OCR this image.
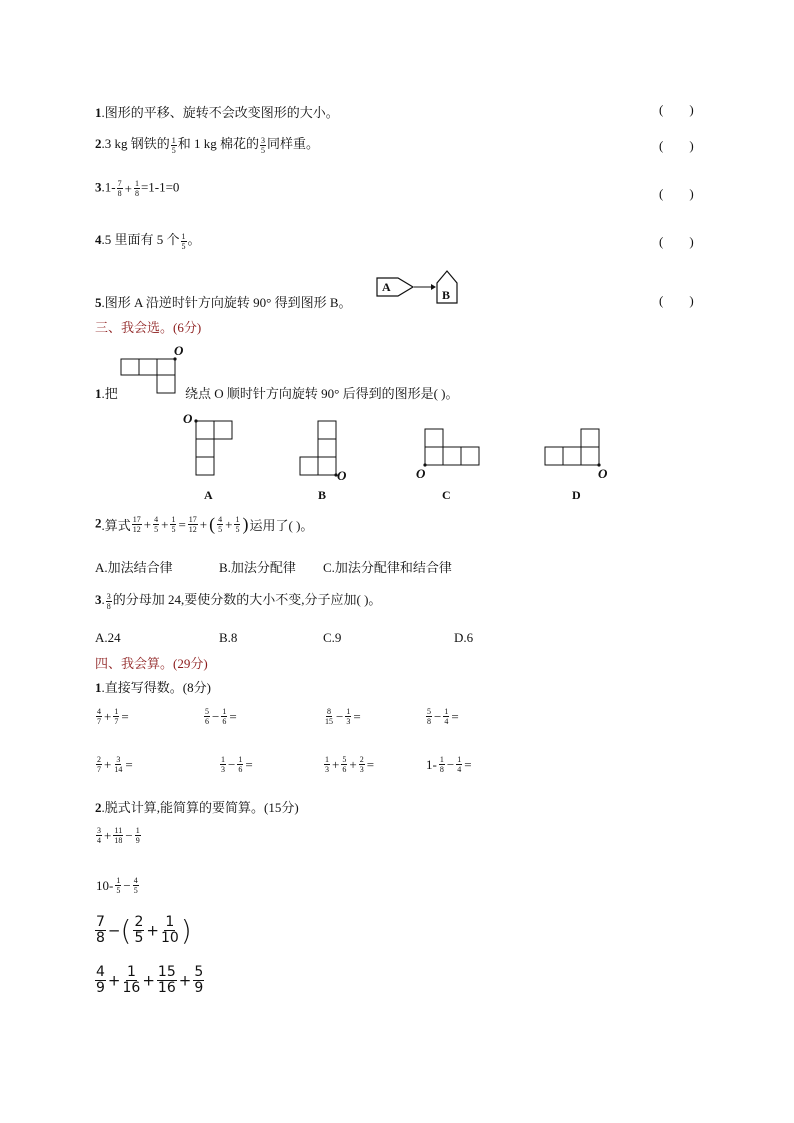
1.图形的平移、旋转不会改变图形的大小。	(        )
2.3 kg 钢铁的 $\frac{1}{5}$ 和 1 kg 棉花的 $\frac{3}{5}$ 同样重。	(        )
$3.1- \frac{7}{8} + \frac{1}{8} =1-1=0$	(        )
4.5 里面有 5 个 $\frac{1}{5}$ 。	(        )
5.图形 A 沿逆时针方向旋转 90° 得到图形 B。
A
B	(        )
三、我会选。(6分)
O
1.把	绕点 O 顺时针方向旋转 90° 后得到的图形是( )。
O
O	O	O
A	B	C	D
2.算式 $\frac{17}{12} + \frac{4}{5} + \frac{1}{5} = \frac{17}{12}$ + ( $\frac{4}{5} + \frac{1}{5}$ )运用了( )。
A.加法结合律	B.加法分配律 C.加法分配律和结合律
3. $\frac{3}{8}$ 的分母加 24,要使分数的大小不变,分子应加( )。
A.24	B.8	C.9	D.6
四、我会算。(29分)
1.直接写得数。(8分)
$\frac{4}{7} + \frac{1}{7}$ =	$\frac{5}{6} - \frac{1}{6}$ =	$\frac{8}{15} - \frac{1}{3}$ =	$\frac{5}{8} - \frac{1}{4}$ =
$\frac{2}{7} + \frac{3}{14}$ =	$\frac{1}{3} - \frac{1}{6}$ =	$\frac{1}{3} + \frac{5}{6} + \frac{2}{3}$ =	$1- \frac{1}{8} - \frac{1}{4}$ =
2.脱式计算,能简算的要简算。(15分)
$\frac{3}{4} + \frac{11}{18} - \frac{1}{9}$
$10- \frac{1}{5} - \frac{4}{5}$
$\frac{7}{8}$ −( $\frac{2}{5} + \frac{1}{10}$ )
$\frac{4}{9} + \frac{1}{16} + \frac{15}{16} + \frac{5}{9}$
